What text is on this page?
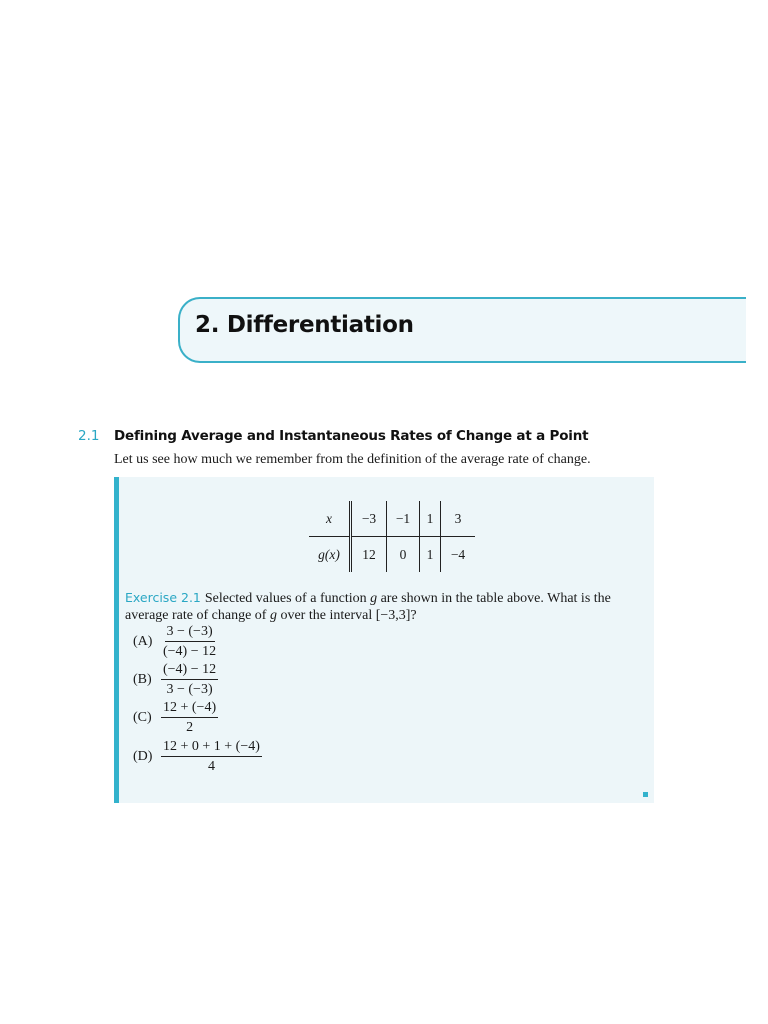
2. Differentiation
2.1	Defining Average and Instantaneous Rates of Change at a Point
Let us see how much we remember from the definition of the average rate of change.
x	−3	−1	1	3
g(x)	12	0	1	−4
Exercise 2.1 Selected values of a function g are shown in the table above. What is the average rate of change of g over the interval [−3,3]?
$(A) \frac{3 - (-3)}{(-4) - 12}$
$(B) \frac{(-4) - 12}{3 - (-3)}$
$(C) \frac{12 + (-4)}{2}$
$(D) \frac{12 + 0 + 1 + (-4)}{4}$
